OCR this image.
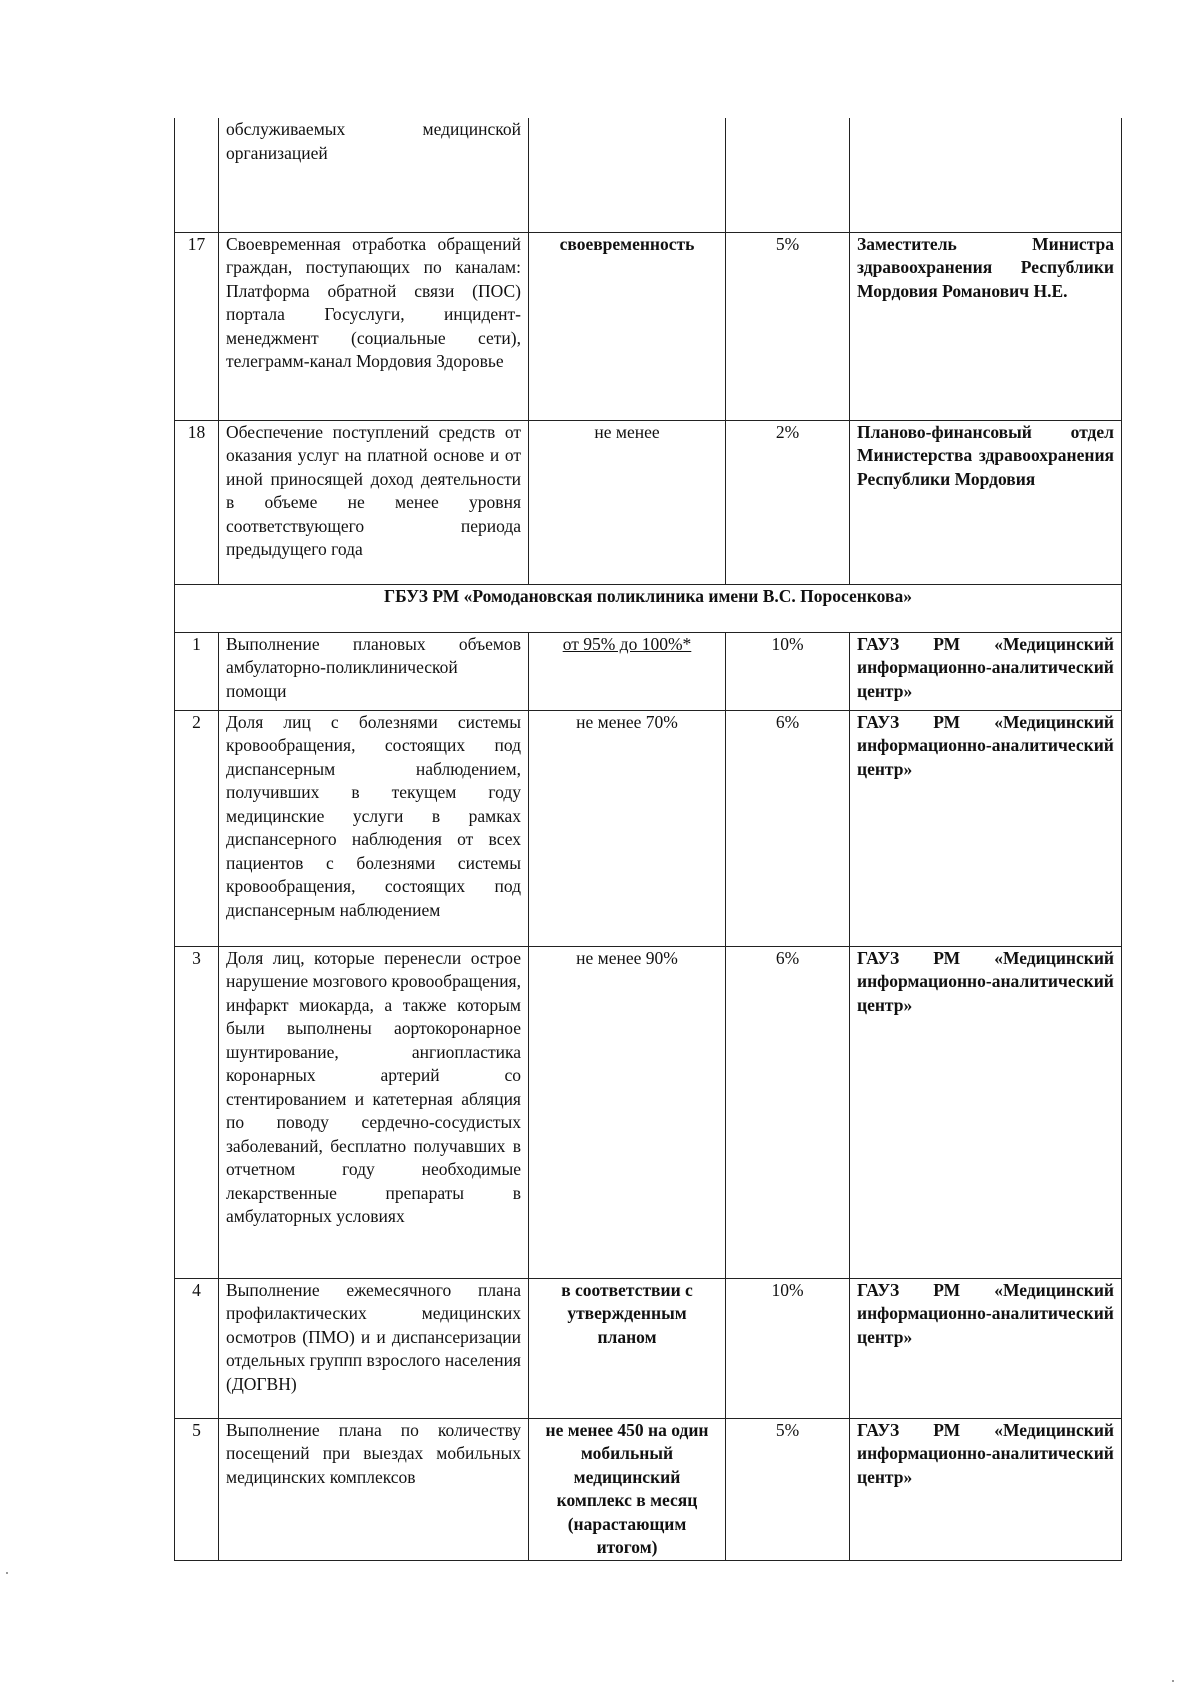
	обслуживаемых медицинской организацией			
17	Своевременная отработка обращений граждан, поступающих по каналам: Платформа обратной связи (ПОС) портала Госуслуги, инцидент-менеджмент (социальные сети), телеграмм-канал Мордовия Здоровье	своевременность	5%	Заместитель Министра здравоохранения Республики Мордовия Романович Н.Е.
18	Обеспечение поступлений средств от оказания услуг на платной основе и от иной приносящей доход деятельности в объеме не менее уровня соответствующего периода предыдущего года	не менее	2%	Планово-финансовый отдел Министерства здравоохранения Республики Мордовия
ГБУЗ РМ «Ромодановская поликлиника имени В.С. Поросенкова»				
1	Выполнение плановых объемов амбулаторно-поликлинической помощи	от 95% до 100%*	10%	ГАУЗ РМ «Медицинский информационно-аналитический центр»
2	Доля лиц с болезнями системы кровообращения, состоящих под диспансерным наблюдением, получивших в текущем году медицинские услуги в рамках диспансерного наблюдения от всех пациентов с болезнями системы кровообращения, состоящих под диспансерным наблюдением	не менее 70%	6%	ГАУЗ РМ «Медицинский информационно-аналитический центр»
3	Доля лиц, которые перенесли острое нарушение мозгового кровообращения, инфаркт миокарда, а также которым были выполнены аортокоронарное шунтирование, ангиопластика коронарных артерий со стентированием и катетерная абляция по поводу сердечно-сосудистых заболеваний, бесплатно получавших в отчетном году необходимые лекарственные препараты в амбулаторных условиях	не менее 90%	6%	ГАУЗ РМ «Медицинский информационно-аналитический центр»
4	Выполнение ежемесячного плана профилактических медицинских осмотров (ПМО) и и диспансеризации отдельных группп взрослого населения (ДОГВН)	в соответствии с утвержденным планом	10%	ГАУЗ РМ «Медицинский информационно-аналитический центр»
5	Выполнение плана по количеству посещений при выездах мобильных медицинских комплексов	не менее 450 на один мобильный медицинский комплекс в месяц (нарастающим итогом)	5%	ГАУЗ РМ «Медицинский информационно-аналитический центр»
